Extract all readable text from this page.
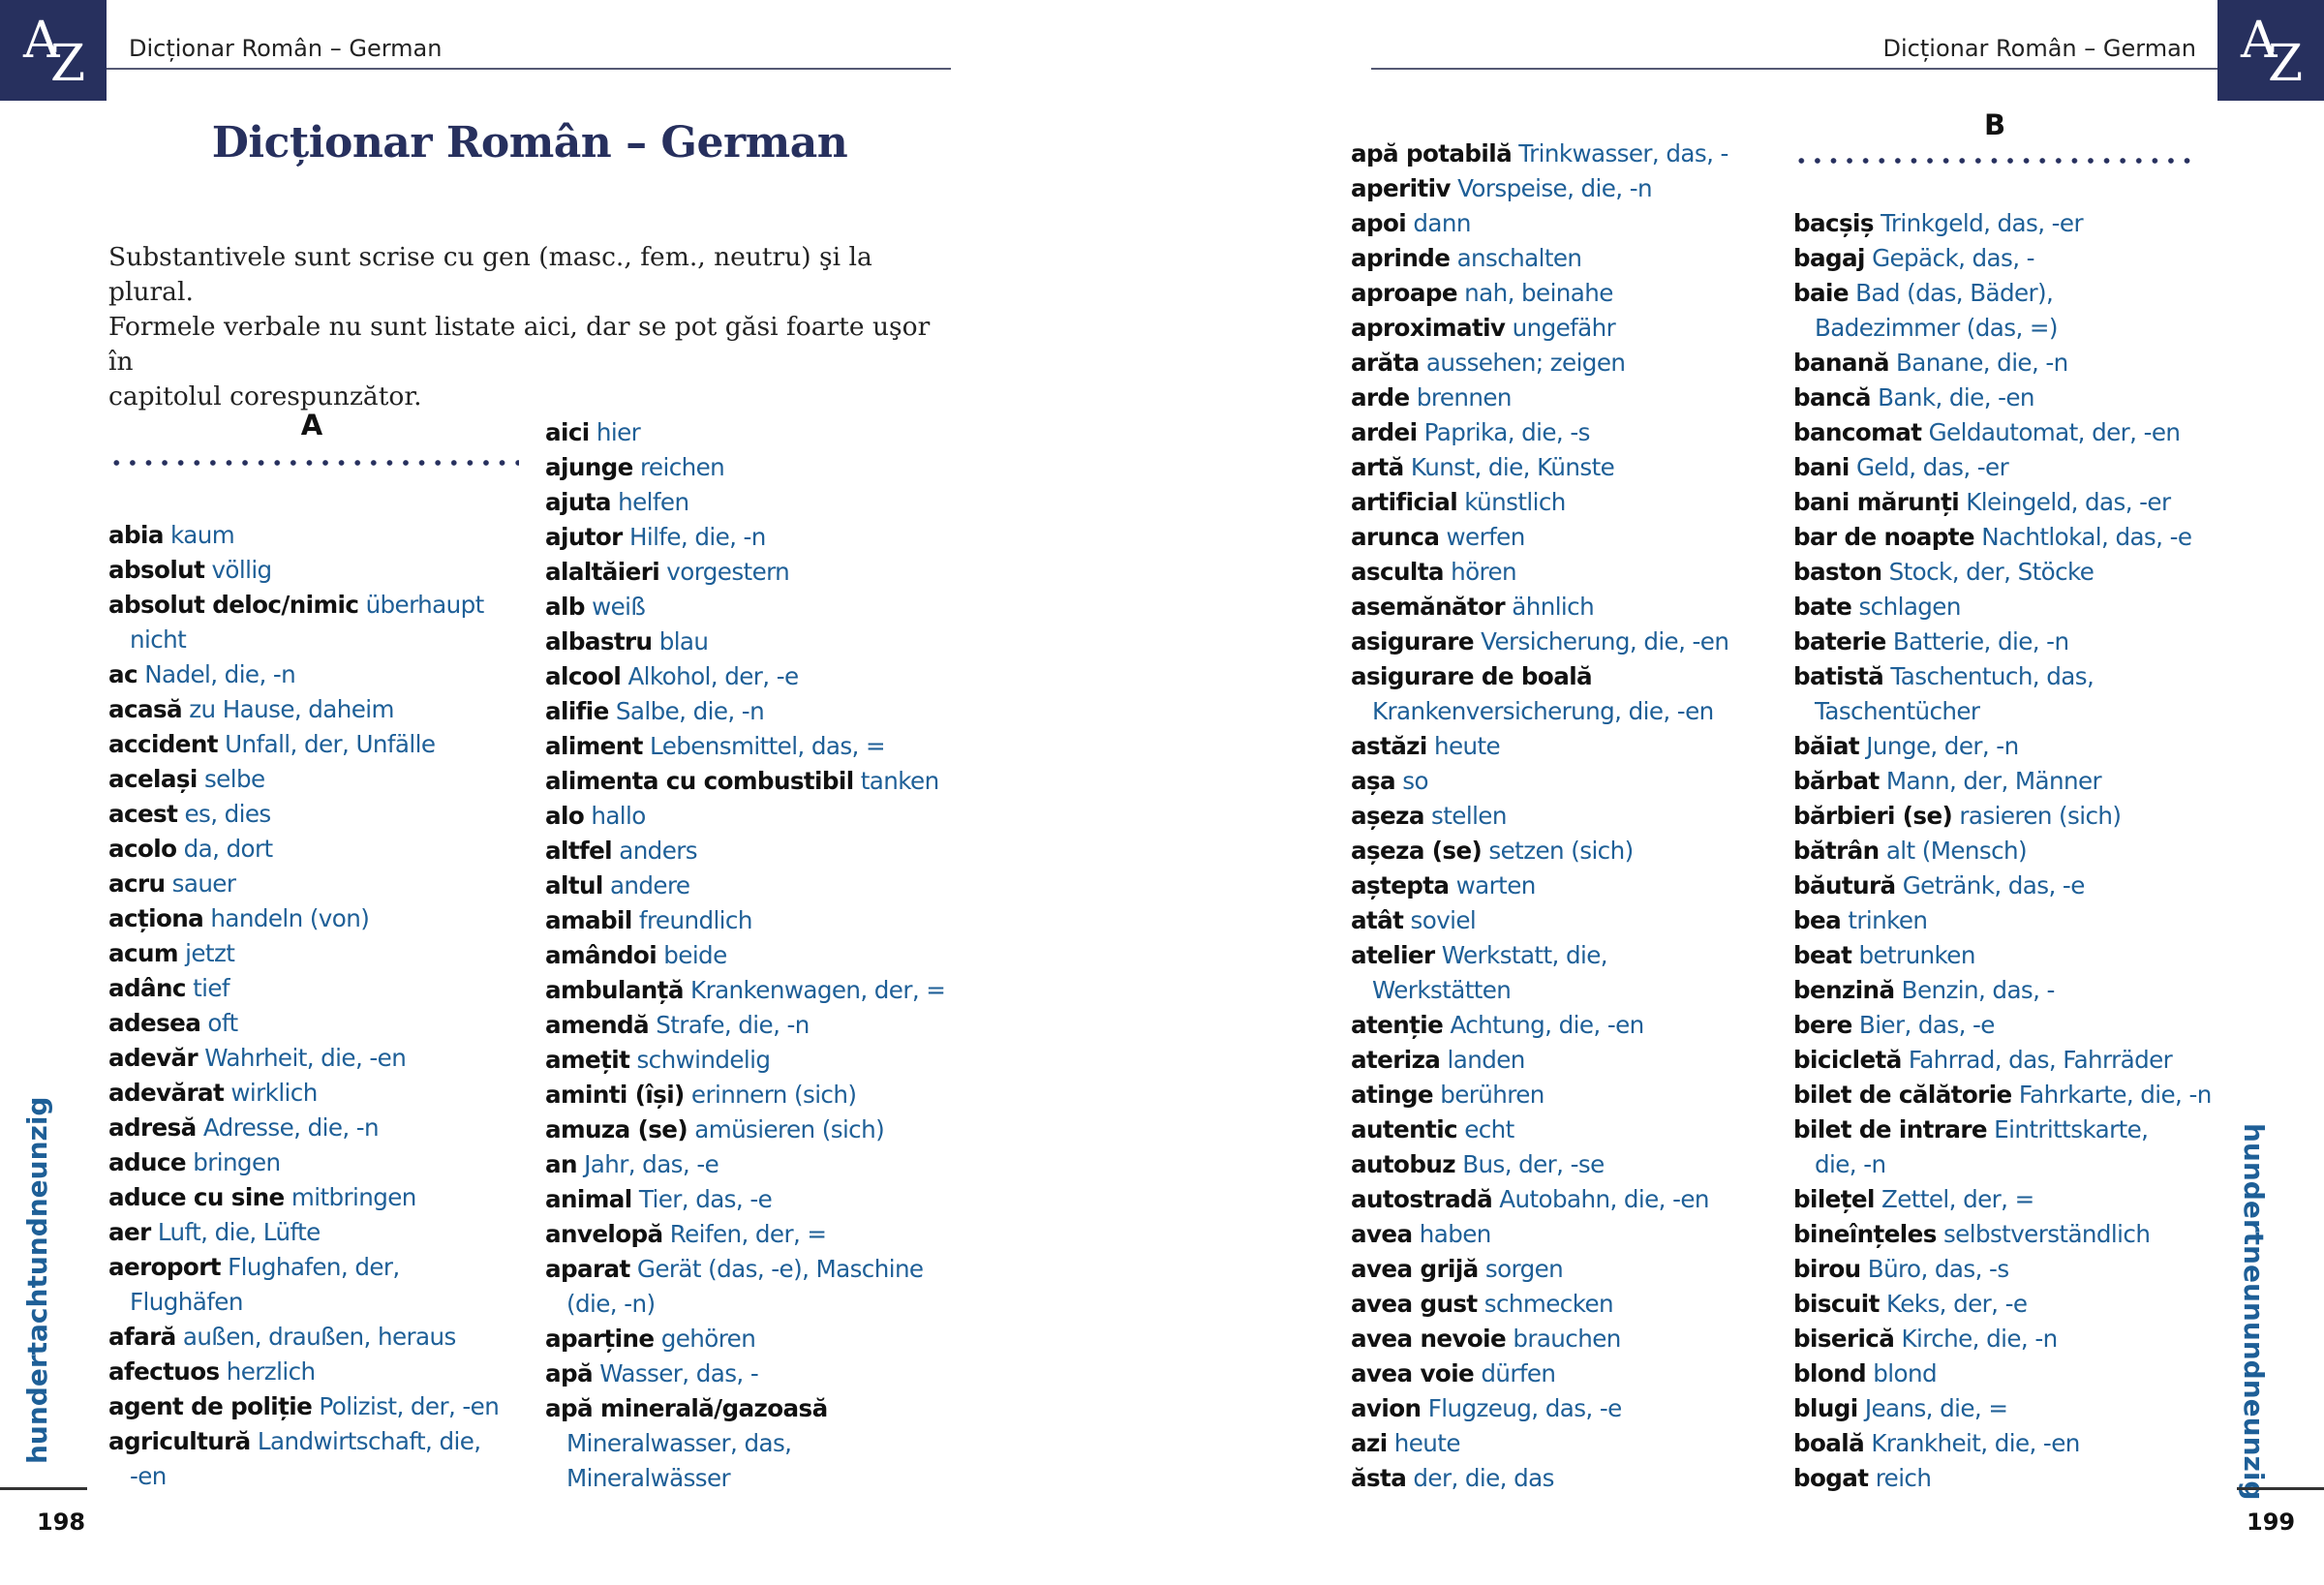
A
Z	A
Z
Dicționar Român – German	Dicționar Român – German
Dicționar Român – German

Substantivele sunt scrise cu gen (masc., fem., neutru) şi la plural.

Formele verbale nu sunt listate aici, dar se pot găsi foarte uşor în

capitolul corespunzător.

A
B
abia kaum
absolut völlig
absolut deloc/nimic überhaupt
nicht
ac Nadel, die, -n
acasă zu Hause, daheim
accident Unfall, der, Unfälle
același selbe
acest es, dies
acolo da, dort
acru sauer
acționa handeln (von)
acum jetzt
adânc tief
adesea oft
adevăr Wahrheit, die, -en
adevărat wirklich
adresă Adresse, die, -n
aduce bringen
aduce cu sine mitbringen
aer Luft, die, Lüfte
aeroport Flughafen, der,
Flughäfen
afară außen, draußen, heraus
afectuos herzlich
agent de poliție Polizist, der, -en
agricultură Landwirtschaft, die,
-en
aici hier
ajunge reichen
ajuta helfen
ajutor Hilfe, die, -n
alaltăieri vorgestern
alb weiß
albastru blau
alcool Alkohol, der, -e
alifie Salbe, die, -n
aliment Lebensmittel, das, =
alimenta cu combustibil tanken
alo hallo
altfel anders
altul andere
amabil freundlich
amândoi beide
ambulanță Krankenwagen, der, =
amendă Strafe, die, -n
amețit schwindelig
aminti (își) erinnern (sich)
amuza (se) amüsieren (sich)
an Jahr, das, -e
animal Tier, das, -e
anvelopă Reifen, der, =
aparat Gerät (das, -e), Maschine
(die, -n)
aparține gehören
apă Wasser, das, -
apă minerală/gazoasă
Mineralwasser, das,
Mineralwässer
apă potabilă Trinkwasser, das, -
aperitiv Vorspeise, die, -n
apoi dann
aprinde anschalten
aproape nah, beinahe
aproximativ ungefähr
arăta aussehen; zeigen
arde brennen
ardei Paprika, die, -s
artă Kunst, die, Künste
artificial künstlich
arunca werfen
asculta hören
asemănător ähnlich
asigurare Versicherung, die, -en
asigurare de boală
Krankenversicherung, die, -en
astăzi heute
așa so
așeza stellen
așeza (se) setzen (sich)
aștepta warten
atât soviel
atelier Werkstatt, die,
Werkstätten
atenție Achtung, die, -en
ateriza landen
atinge berühren
autentic echt
autobuz Bus, der, -se
autostradă Autobahn, die, -en
avea haben
avea grijă sorgen
avea gust schmecken
avea nevoie brauchen
avea voie dürfen
avion Flugzeug, das, -e
azi heute
ăsta der, die, das
bacșiș Trinkgeld, das, -er
bagaj Gepäck, das, -
baie Bad (das, Bäder),
Badezimmer (das, =)
banană Banane, die, -n
bancă Bank, die, -en
bancomat Geldautomat, der, -en
bani Geld, das, -er
bani mărunți Kleingeld, das, -er
bar de noapte Nachtlokal, das, -e
baston Stock, der, Stöcke
bate schlagen
baterie Batterie, die, -n
batistă Taschentuch, das,
Taschentücher
băiat Junge, der, -n
bărbat Mann, der, Männer
bărbieri (se) rasieren (sich)
bătrân alt (Mensch)
băutură Getränk, das, -e
bea trinken
beat betrunken
benzină Benzin, das, -
bere Bier, das, -e
bicicletă Fahrrad, das, Fahrräder
bilet de călătorie Fahrkarte, die, -n
bilet de intrare Eintrittskarte,
die, -n
bilețel Zettel, der, =
bineînțeles selbstverständlich
birou Büro, das, -s
biscuit Keks, der, -e
biserică Kirche, die, -n
blond blond
blugi Jeans, die, =
boală Krankheit, die, -en
bogat reich
hundertachtundneunzig
198
hundertneunundneunzig
199
